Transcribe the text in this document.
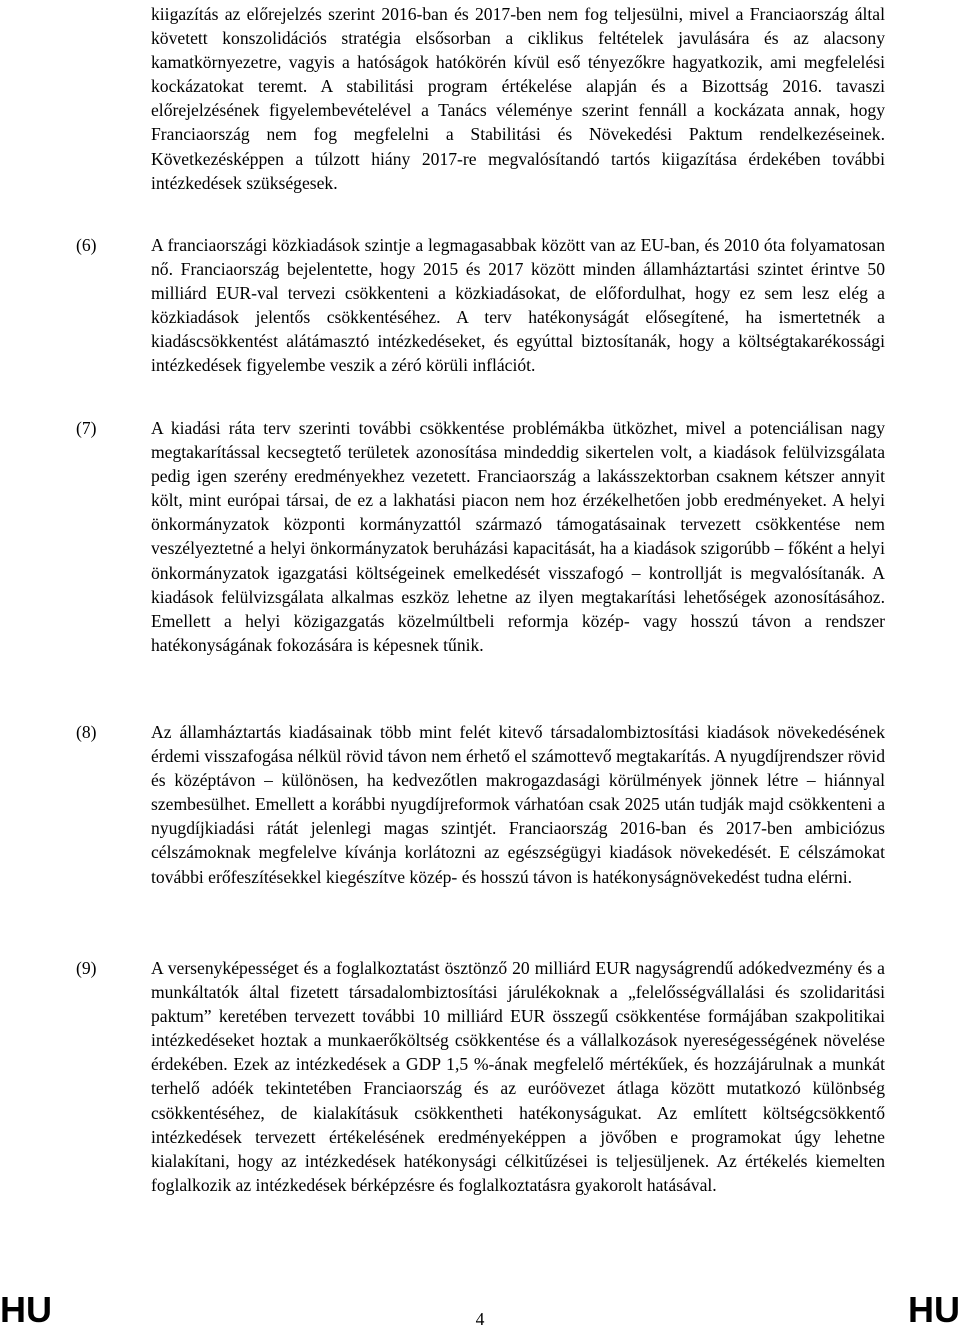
kiigazítás az előrejelzés szerint 2016-ban és 2017-ben nem fog teljesülni, mivel a Franciaország által követett konszolidációs stratégia elsősorban a ciklikus feltételek javulására és az alacsony kamatkörnyezetre, vagyis a hatóságok hatókörén kívül eső tényezőkre hagyatkozik, ami megfelelési kockázatokat teremt. A stabilitási program értékelése alapján és a Bizottság 2016. tavaszi előrejelzésének figyelembevételével a Tanács véleménye szerint fennáll a kockázata annak, hogy Franciaország nem fog megfelelni a Stabilitási és Növekedési Paktum rendelkezéseinek. Következésképpen a túlzott hiány 2017-re megvalósítandó tartós kiigazítása érdekében további intézkedések szükségesek.

(6)	A franciaországi közkiadások szintje a legmagasabbak között van az EU-ban, és 2010 óta folyamatosan nő. Franciaország bejelentette, hogy 2015 és 2017 között minden államháztartási szintet érintve 50 milliárd EUR-val tervezi csökkenteni a közkiadásokat, de előfordulhat, hogy ez sem lesz elég a közkiadások jelentős csökkentéséhez. A terv hatékonyságát elősegítené, ha ismertetnék a kiadáscsökkentést alátámasztó intézkedéseket, és egyúttal biztosítanák, hogy a költségtakarékossági intézkedések figyelembe veszik a zéró körüli inflációt.

(7)	A kiadási ráta terv szerinti további csökkentése problémákba ütközhet, mivel a potenciálisan nagy megtakarítással kecsegtető területek azonosítása mindeddig sikertelen volt, a kiadások felülvizsgálata pedig igen szerény eredményekhez vezetett. Franciaország a lakásszektorban csaknem kétszer annyit költ, mint európai társai, de ez a lakhatási piacon nem hoz érzékelhetően jobb eredményeket. A helyi önkormányzatok központi kormányzattól származó támogatásainak tervezett csökkentése nem veszélyeztetné a helyi önkormányzatok beruházási kapacitását, ha a kiadások szigorúbb – főként a helyi önkormányzatok igazgatási költségeinek emelkedését visszafogó – kontrollját is megvalósítanák. A kiadások felülvizsgálata alkalmas eszköz lehetne az ilyen megtakarítási lehetőségek azonosításához. Emellett a helyi közigazgatás közelmúltbeli reformja közép- vagy hosszú távon a rendszer hatékonyságának fokozására is képesnek tűnik.

(8)	Az államháztartás kiadásainak több mint felét kitevő társadalombiztosítási kiadások növekedésének érdemi visszafogása nélkül rövid távon nem érhető el számottevő megtakarítás. A nyugdíjrendszer rövid és középtávon – különösen, ha kedvezőtlen makrogazdasági körülmények jönnek létre – hiánnyal szembesülhet. Emellett a korábbi nyugdíjreformok várhatóan csak 2025 után tudják majd csökkenteni a nyugdíjkiadási rátát jelenlegi magas szintjét. Franciaország 2016-ban és 2017-ben ambiciózus célszámoknak megfelelve kívánja korlátozni az egészségügyi kiadások növekedését. E célszámokat további erőfeszítésekkel kiegészítve közép- és hosszú távon is hatékonyságnövekedést tudna elérni.

(9)	A versenyképességet és a foglalkoztatást ösztönző 20 milliárd EUR nagyságrendű adókedvezmény és a munkáltatók által fizetett társadalombiztosítási járulékoknak a „felelősségvállalási és szolidaritási paktum” keretében tervezett további 10 milliárd EUR összegű csökkentése formájában szakpolitikai intézkedéseket hoztak a munkaerőköltség csökkentése és a vállalkozások nyereségességének növelése érdekében. Ezek az intézkedések a GDP 1,5 %-ának megfelelő mértékűek, és hozzájárulnak a munkát terhelő adóék tekintetében Franciaország és az euróövezet átlaga között mutatkozó különbség csökkentéséhez, de kialakításuk csökkentheti hatékonyságukat. Az említett költségcsökkentő intézkedések tervezett értékelésének eredményeképpen a jövőben e programokat úgy lehetne kialakítani, hogy az intézkedések hatékonysági célkitűzései is teljesüljenek. Az értékelés kiemelten foglalkozik az intézkedések bérképzésre és foglalkoztatásra gyakorolt hatásával.

HU	4	HU
